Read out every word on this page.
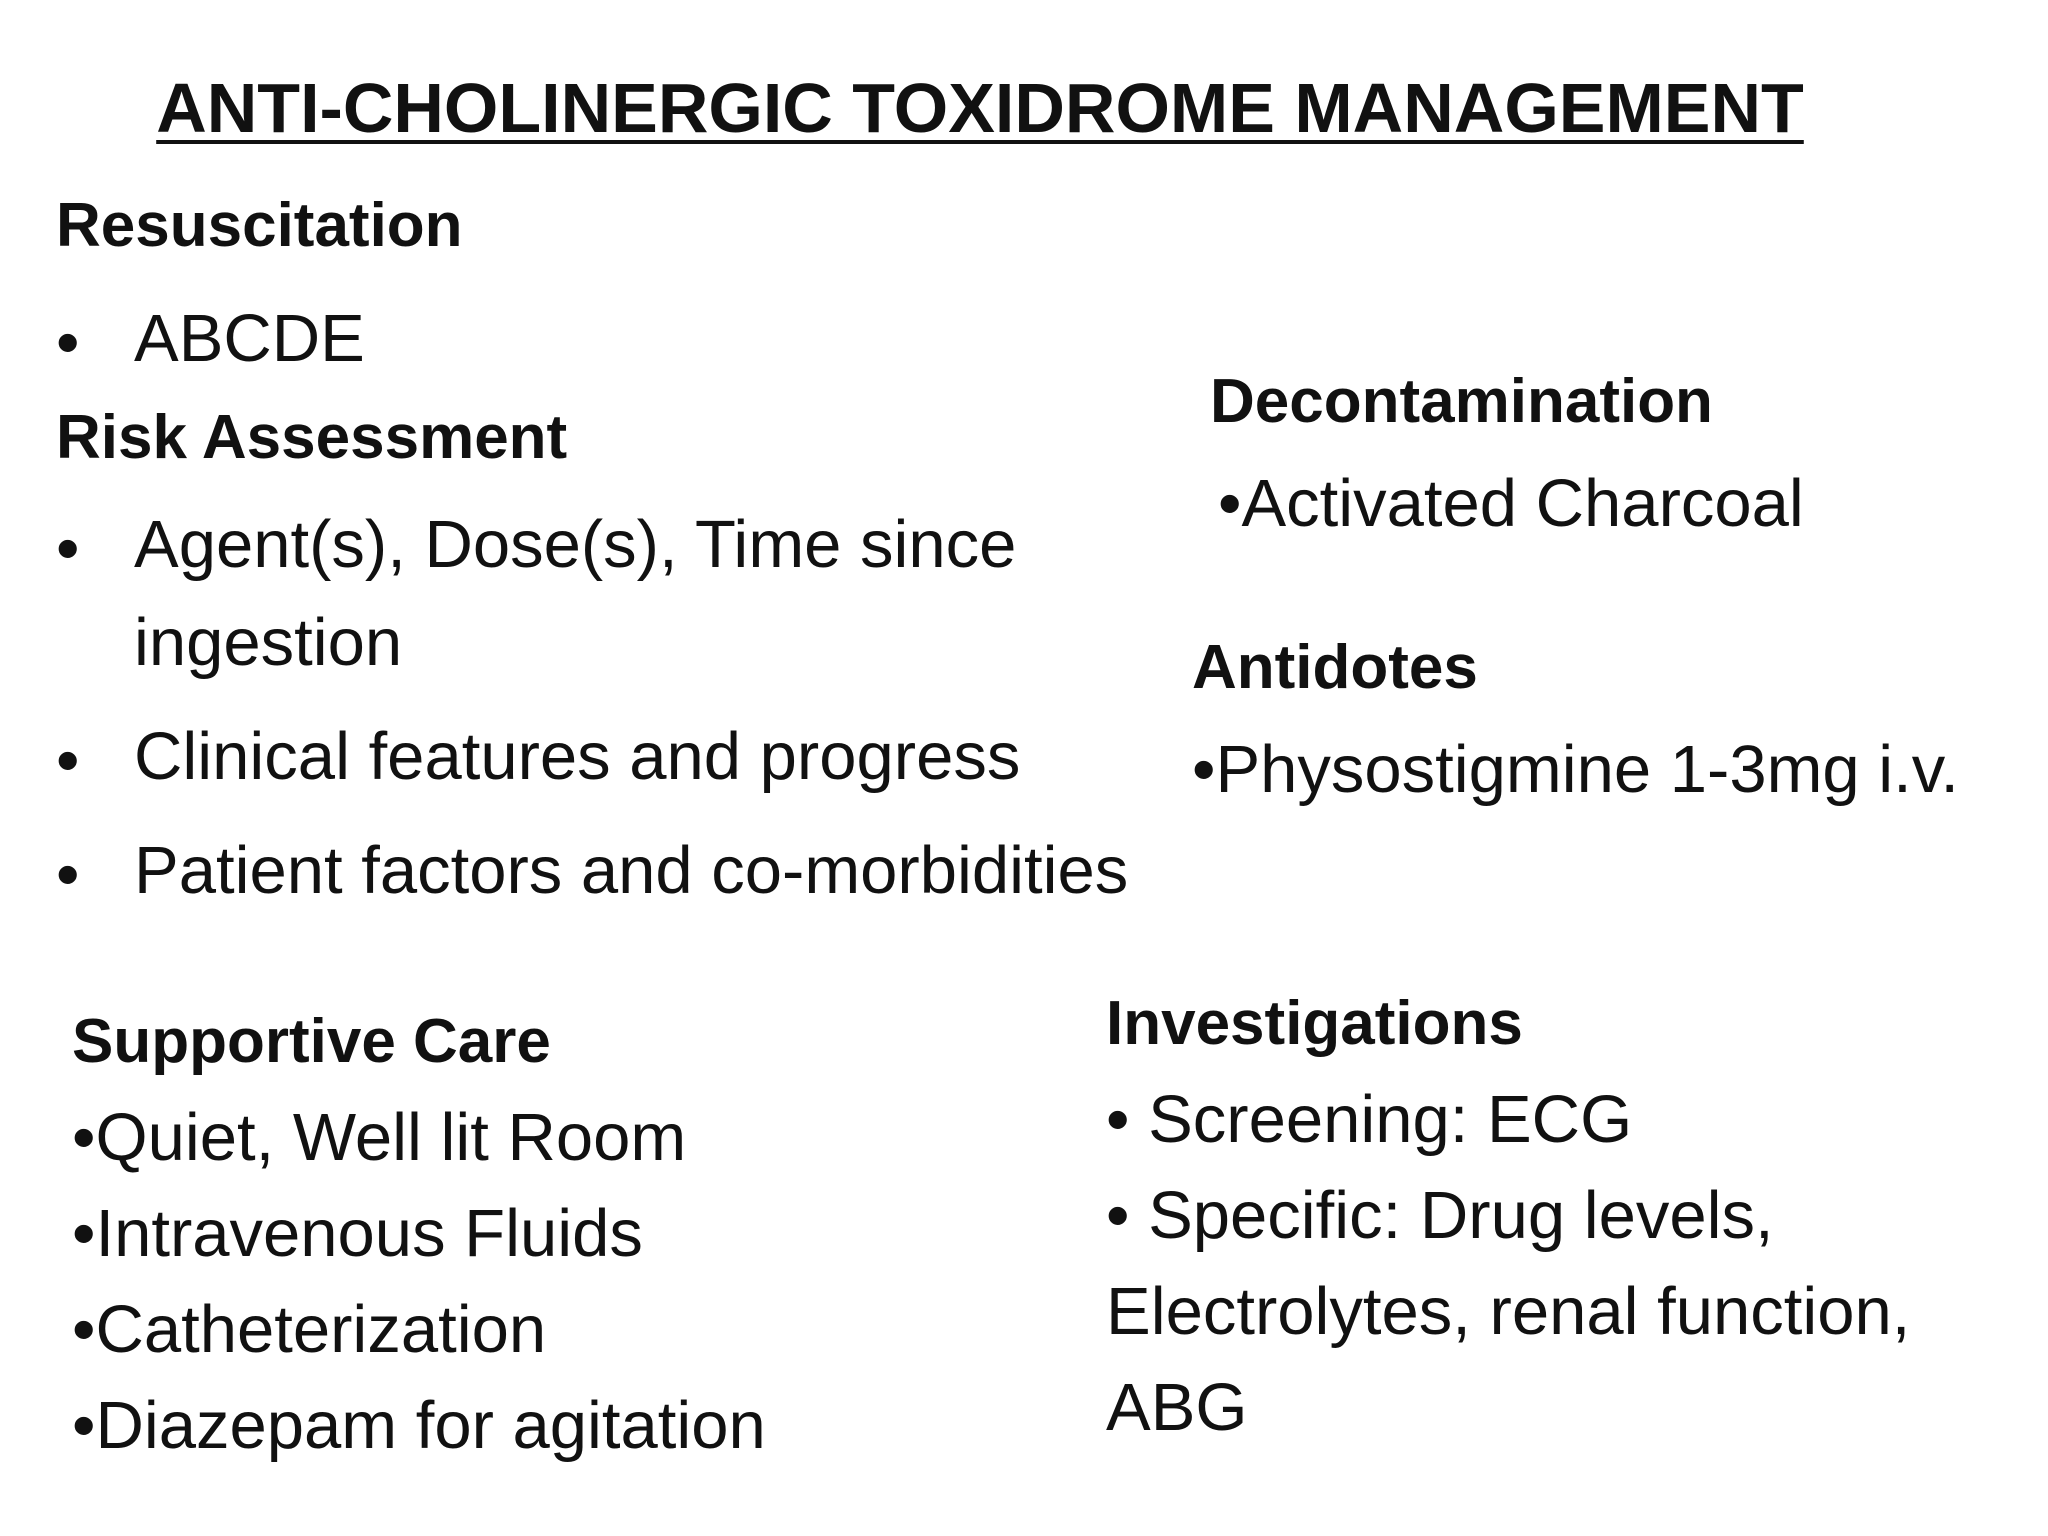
ANTI-CHOLINERGIC TOXIDROME MANAGEMENT
Resuscitation
• ABCDE
Risk Assessment
• Agent(s), Dose(s), Time since
ingestion
• Clinical features and progress
• Patient factors and co-morbidities
Decontamination
•Activated Charcoal
Antidotes
•Physostigmine 1-3mg i.v.
Supportive Care
•Quiet, Well lit Room
•Intravenous Fluids
•Catheterization
•Diazepam for agitation
Investigations
• Screening: ECG
• Specific: Drug levels,
Electrolytes, renal function,
ABG
